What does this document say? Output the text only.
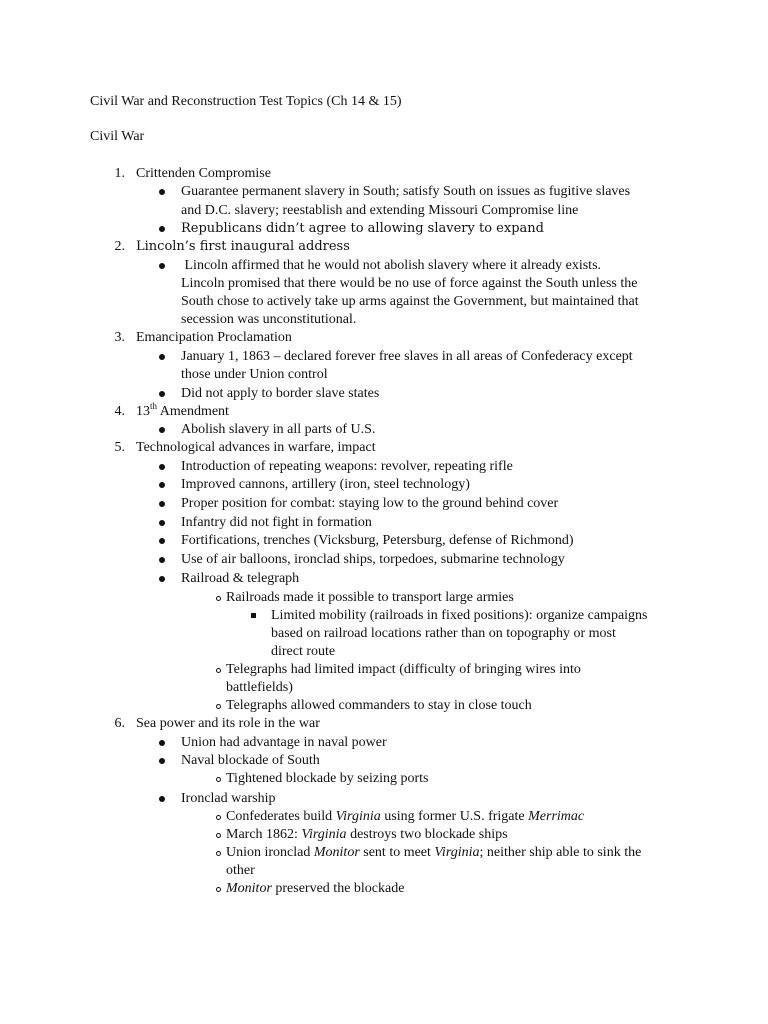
Civil War and Reconstruction Test Topics (Ch 14 & 15)
Civil War
1. Crittenden Compromise
Guarantee permanent slavery in South; satisfy South on issues as fugitive slaves
and D.C. slavery; reestablish and extending Missouri Compromise line
Republicans didn’t agree to allowing slavery to expand
2. Lincoln’s first inaugural address
Lincoln affirmed that he would not abolish slavery where it already exists.
Lincoln promised that there would be no use of force against the South unless the
South chose to actively take up arms against the Government, but maintained that
secession was unconstitutional.
3. Emancipation Proclamation
January 1, 1863 – declared forever free slaves in all areas of Confederacy except
those under Union control
Did not apply to border slave states
4. 13th Amendment
Abolish slavery in all parts of U.S.
5. Technological advances in warfare, impact
Introduction of repeating weapons: revolver, repeating rifle
Improved cannons, artillery (iron, steel technology)
Proper position for combat: staying low to the ground behind cover
Infantry did not fight in formation
Fortifications, trenches (Vicksburg, Petersburg, defense of Richmond)
Use of air balloons, ironclad ships, torpedoes, submarine technology
Railroad & telegraph
Railroads made it possible to transport large armies
Limited mobility (railroads in fixed positions): organize campaigns
based on railroad locations rather than on topography or most
direct route
Telegraphs had limited impact (difficulty of bringing wires into
battlefields)
Telegraphs allowed commanders to stay in close touch
6. Sea power and its role in the war
Union had advantage in naval power
Naval blockade of South
Tightened blockade by seizing ports
Ironclad warship
Confederates build Virginia using former U.S. frigate Merrimac
March 1862: Virginia destroys two blockade ships
Union ironclad Monitor sent to meet Virginia; neither ship able to sink the
other
Monitor preserved the blockade
